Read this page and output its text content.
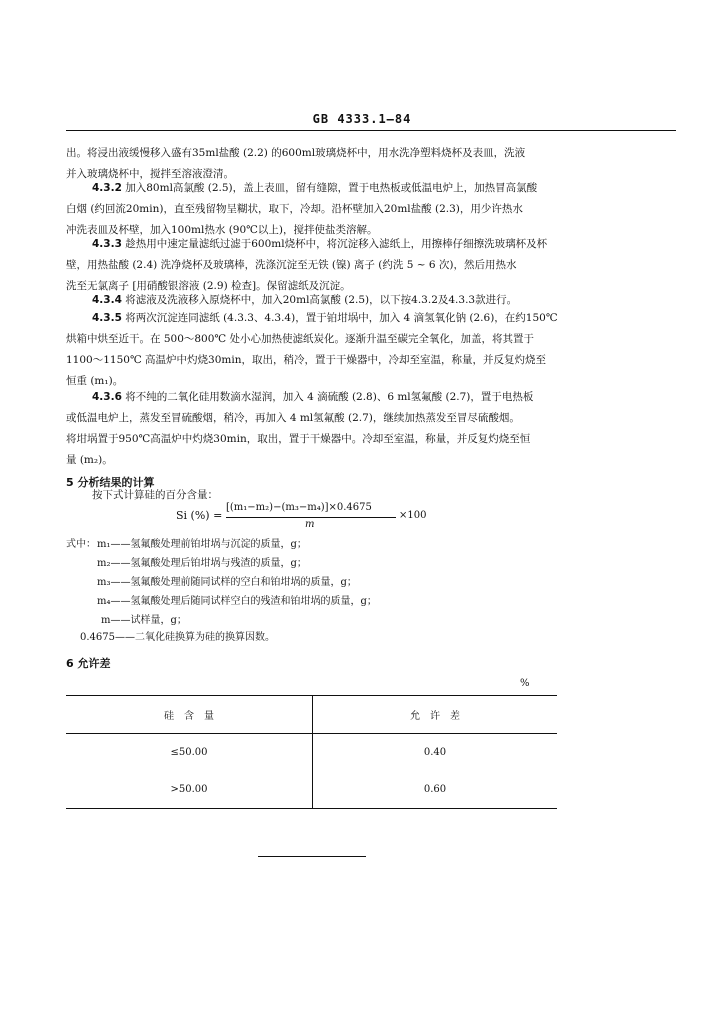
GB 4333.1—84
出。将浸出液缓慢移入盛有35ml盐酸 (2.2) 的600ml玻璃烧杯中，用水洗净塑料烧杯及表皿，洗液
并入玻璃烧杯中，搅拌至溶液澄清。
4.3.2 加入80ml高氯酸 (2.5)，盖上表皿，留有缝隙，置于电热板或低温电炉上，加热冒高氯酸
白烟 (约回流20min)，直至残留物呈糊状，取下，冷却。沿杯壁加入20ml盐酸 (2.3)，用少许热水
冲洗表皿及杯壁，加入100ml热水 (90℃以上)，搅拌使盐类溶解。
4.3.3 趁热用中速定量滤纸过滤于600ml烧杯中，将沉淀移入滤纸上，用擦棒仔细擦洗玻璃杯及杯
壁，用热盐酸 (2.4) 洗净烧杯及玻璃棒，洗涤沉淀至无铁 (镍) 离子 (约洗 5 ~ 6 次)，然后用热水
洗至无氯离子 [用硝酸银溶液 (2.9) 检查]。保留滤纸及沉淀。
4.3.4 将滤液及洗液移入原烧杯中，加入20ml高氯酸 (2.5)，以下按4.3.2及4.3.3款进行。
4.3.5 将两次沉淀连同滤纸 (4.3.3、4.3.4)，置于铂坩埚中，加入 4 滴氢氧化钠 (2.6)，在约150℃
烘箱中烘至近干。在 500～800℃ 处小心加热使滤纸炭化。逐渐升温至碳完全氧化，加盖，将其置于
1100～1150℃ 高温炉中灼烧30min，取出，稍冷，置于干燥器中，冷却至室温，称量，并反复灼烧至
恒重 (m₁)。
4.3.6 将不纯的二氧化硅用数滴水湿润，加入 4 滴硫酸 (2.8)、6 ml氢氟酸 (2.7)，置于电热板
或低温电炉上，蒸发至冒硫酸烟，稍冷，再加入 4 ml氢氟酸 (2.7)，继续加热蒸发至冒尽硫酸烟。
将坩埚置于950℃高温炉中灼烧30min，取出，置于干燥器中。冷却至室温，称量，并反复灼烧至恒
量 (m₂)。
5 分析结果的计算
按下式计算硅的百分含量：
Si (%) =
[(m₁−m₂)−(m₃−m₄)]×0.4675
m
×100
式中： m₁——氢氟酸处理前铂坩埚与沉淀的质量，g；
m₂——氢氟酸处理后铂坩埚与残渣的质量，g；
m₃——氢氟酸处理前随同试样的空白和铂坩埚的质量，g；
m₄——氢氟酸处理后随同试样空白的残渣和铂坩埚的质量，g；
m——试样量，g；
0.4675——二氧化硅换算为硅的换算因数。
6 允许差
%
硅　含　量	允　许　差
≤50.00	0.40
>50.00	0.60
